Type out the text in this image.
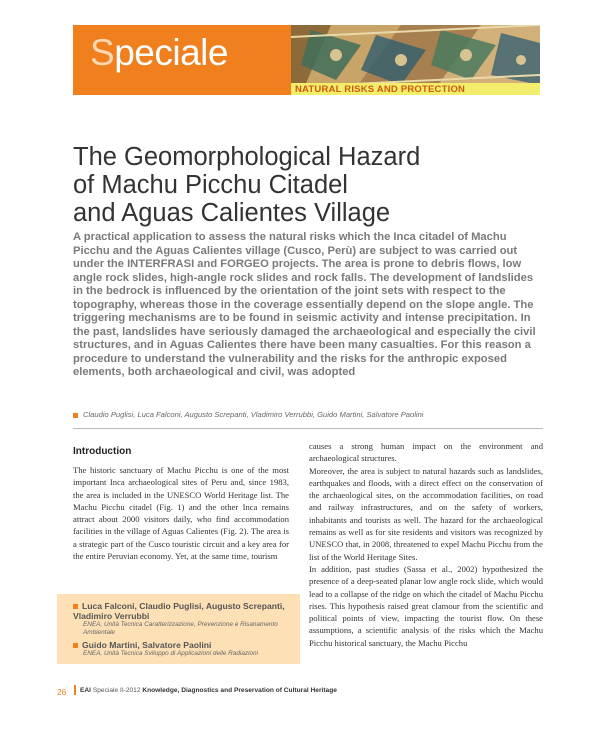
Speciale
NATURAL RISKS AND PROTECTION
The Geomorphological Hazard
of Machu Picchu Citadel
and Aguas Calientes Village
A practical application to assess the natural risks which the Inca citadel of Machu Picchu and the Aguas Calientes village (Cusco, Perù) are subject to was carried out under the INTERFRASI and FORGEO projects. The area is prone to debris flows, low angle rock slides, high-angle rock slides and rock falls. The development of landslides in the bedrock is influenced by the orientation of the joint sets with respect to the topography, whereas those in the coverage essentially depend on the slope angle. The triggering mechanisms are to be found in seismic activity and intense precipitation. In the past, landslides have seriously damaged the archaeological and especially the civil structures, and in Aguas Calientes there have been many casualties. For this reason a procedure to understand the vulnerability and the risks for the anthropic exposed elements, both archaeological and civil, was adopted
Claudio Puglisi, Luca Falconi, Augusto Screpanti, Vladimiro Verrubbi, Guido Martini, Salvatore Paolini
Introduction

The historic sanctuary of Machu Picchu is one of the most important Inca archaeological sites of Peru and, since 1983, the area is included in the UNESCO World Heritage list. The Machu Picchu citadel (Fig. 1) and the other Inca remains attract about 2000 visitors daily, who find accommodation facilities in the village of Aguas Calientes (Fig. 2). The area is a strategic part of the Cusco touristic circuit and a key area for the entire Peruvian economy. Yet, at the same time, tourism

causes a strong human impact on the environment and archaeological structures.

Moreover, the area is subject to natural hazards such as landslides, earthquakes and floods, with a direct effect on the conservation of the archaeological sites, on the accommodation facilities, on road and railway infrastructures, and on the safety of workers, inhabitants and tourists as well. The hazard for the archaeological remains as well as for site residents and visitors was recognized by UNESCO that, in 2008, threatened to expel Machu Picchu from the list of the World Heritage Sites.

In addition, past studies (Sassa et al., 2002) hypothesized the presence of a deep-seated planar low angle rock slide, which would lead to a collapse of the ridge on which the citadel of Machu Picchu rises. This hypothesis raised great clamour from the scientific and political points of view, impacting the tourist flow. On these assumptions, a scientific analysis of the risks which the Machu Picchu historical sanctuary, the Machu Picchu

Luca Falconi, Claudio Puglisi, Augusto Screpanti, Vladimiro Verrubbi
ENEA, Unità Tecnica Caratterizzazione, Prevenzione e Risanamento Ambientale
Guido Martini, Salvatore Paolini
ENEA, Unità Tecnica Sviluppo di Applicazioni delle Radiazioni
26 EAI Speciale II-2012 Knowledge, Diagnostics and Preservation of Cultural Heritage
